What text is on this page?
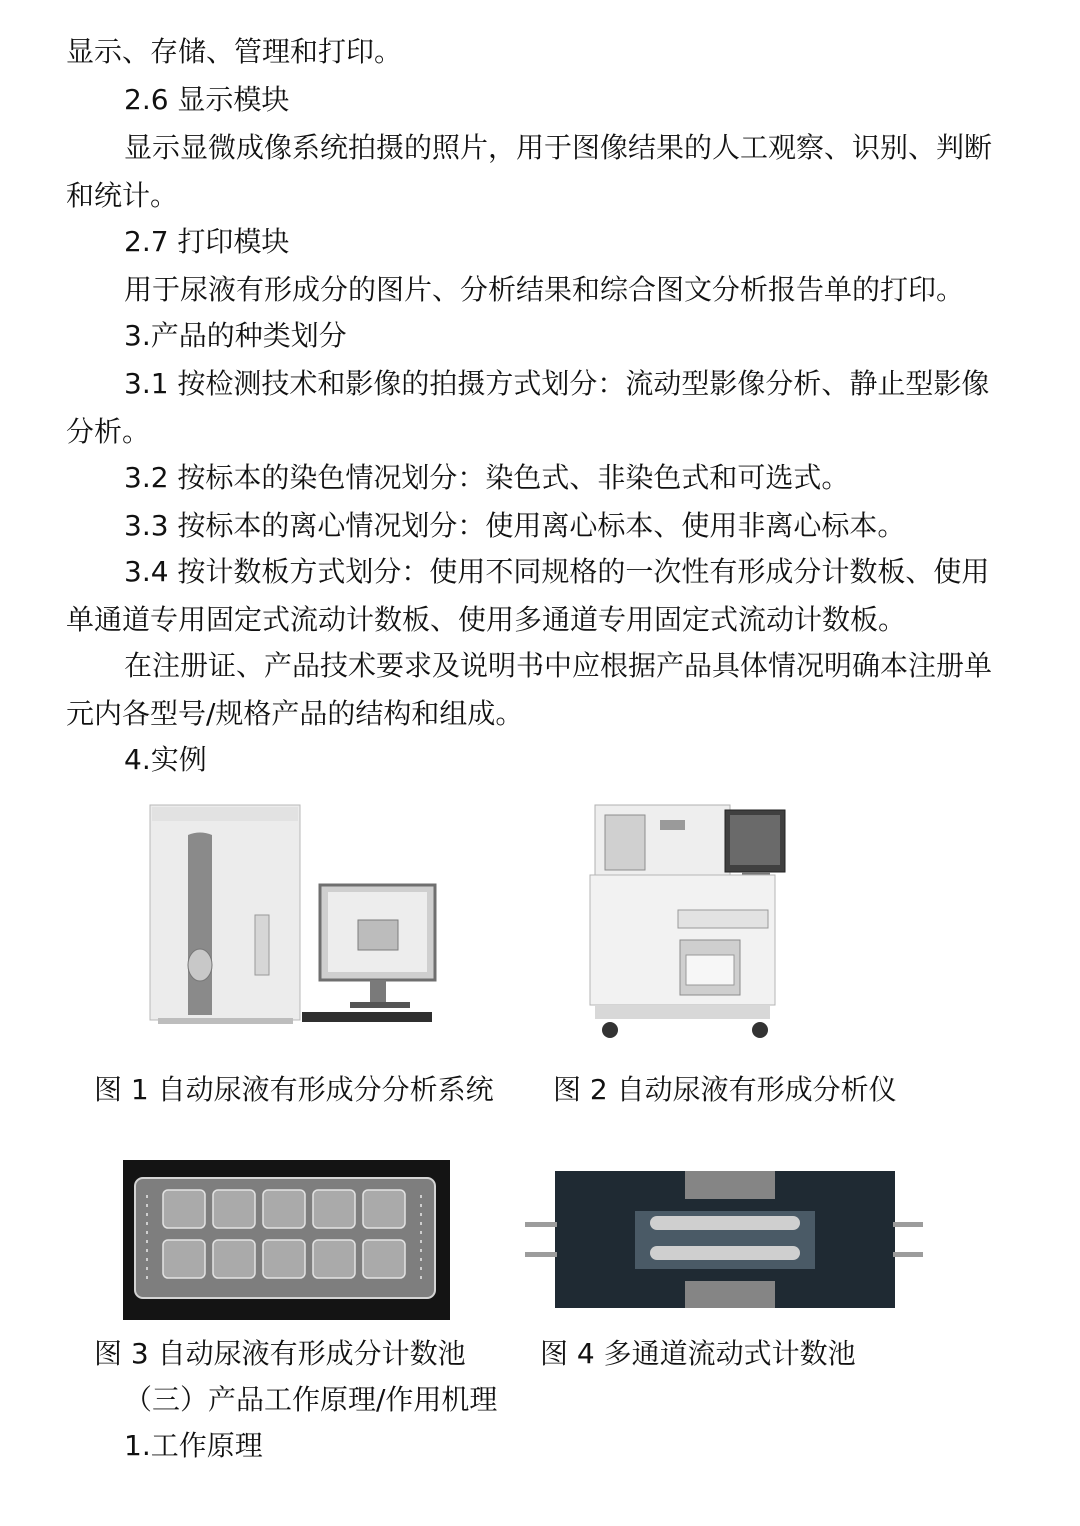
显示、存储、管理和打印。
2.6 显示模块
显示显微成像系统拍摄的照片，用于图像结果的人工观察、识别、判断
和统计。
2.7 打印模块
用于尿液有形成分的图片、分析结果和综合图文分析报告单的打印。
3.产品的种类划分
3.1 按检测技术和影像的拍摄方式划分：流动型影像分析、静止型影像
分析。
3.2 按标本的染色情况划分：染色式、非染色式和可选式。
3.3 按标本的离心情况划分：使用离心标本、使用非离心标本。
3.4 按计数板方式划分：使用不同规格的一次性有形成分计数板、使用
单通道专用固定式流动计数板、使用多通道专用固定式流动计数板。
在注册证、产品技术要求及说明书中应根据产品具体情况明确本注册单
元内各型号/规格产品的结构和组成。
4.实例
图 1 自动尿液有形成分分析系统 图 2 自动尿液有形成分析仪
图 3 自动尿液有形成分计数池	图 4 多通道流动式计数池
（三）产品工作原理/作用机理
1.工作原理
